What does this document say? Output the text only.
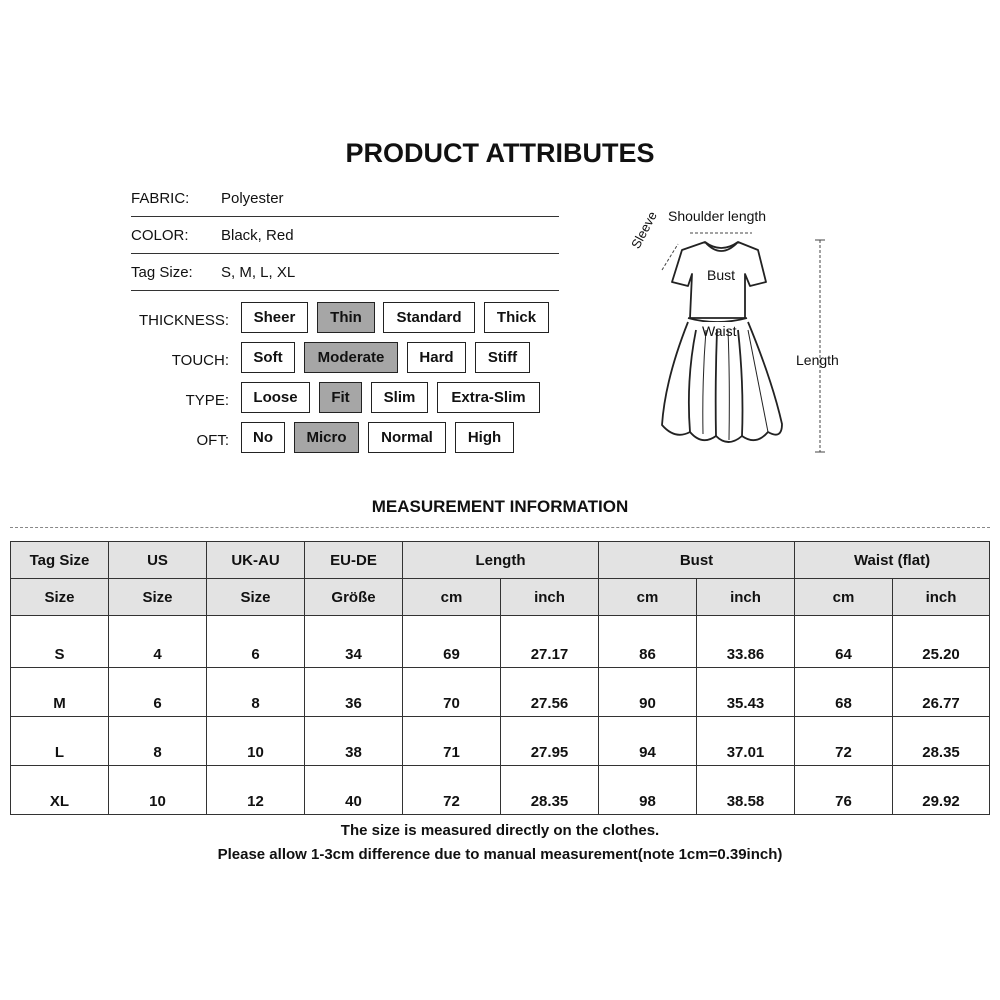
PRODUCT ATTRIBUTES
FABRIC: Polyester
COLOR: Black, Red
Tag Size: S, M, L, XL
THICKNESS:	Sheer	Thin	Standard	Thick
TOUCH:	Soft	Moderate	Hard	Stiff
TYPE:	Loose	Fit	Slim	Extra-Slim
OFT:	No	Micro	Normal	High
Shoulder length
Sleeve
Bust
Waist
Length
MEASUREMENT INFORMATION
Tag Size	US	UK-AU	EU-DE	Length		Bust		Waist (flat)	
Size	Size	Size	Größe	cm	inch	cm	inch	cm	inch
S	4	6	34	69	27.17	86	33.86	64	25.20
M	6	8	36	70	27.56	90	35.43	68	26.77
L	8	10	38	71	27.95	94	37.01	72	28.35
XL	10	12	40	72	28.35	98	38.58	76	29.92
The size is measured directly on the clothes.
Please allow 1-3cm difference due to manual measurement(note 1cm=0.39inch)
